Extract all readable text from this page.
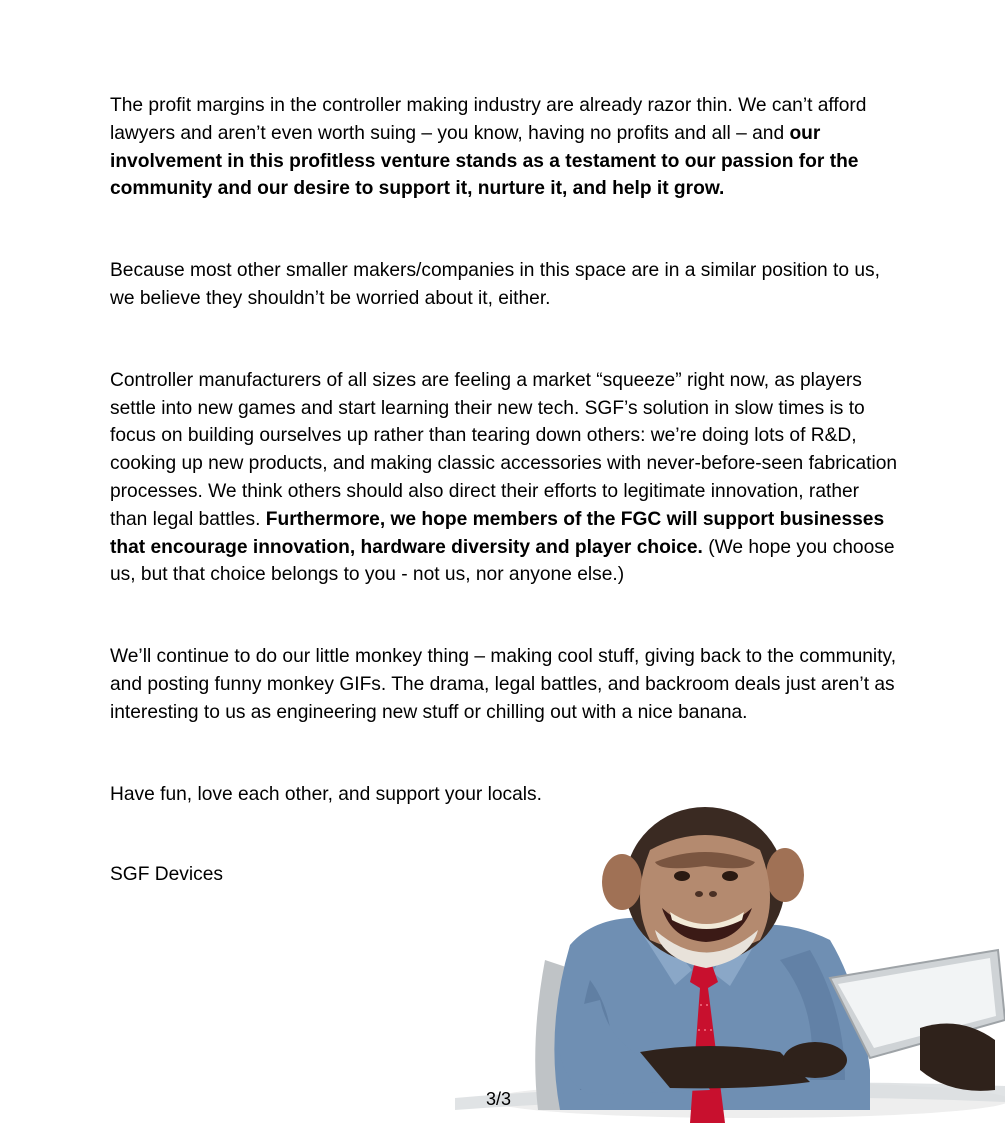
The profit margins in the controller making industry are already razor thin. We can’t afford lawyers and aren’t even worth suing – you know, having no profits and all – and our involvement in this profitless venture stands as a testament to our passion for the community and our desire to support it, nurture it, and help it grow.

Because most other smaller makers/companies in this space are in a similar position to us, we believe they shouldn’t be worried about it, either.

Controller manufacturers of all sizes are feeling a market “squeeze” right now, as players settle into new games and start learning their new tech. SGF’s solution in slow times is to focus on building ourselves up rather than tearing down others: we’re doing lots of R&D, cooking up new products, and making classic accessories with never-before-seen fabrication processes. We think others should also direct their efforts to legitimate innovation, rather than legal battles. Furthermore, we hope members of the FGC will support businesses that encourage innovation, hardware diversity and player choice. (We hope you choose us, but that choice belongs to you - not us, nor anyone else.)

We’ll continue to do our little monkey thing – making cool stuff, giving back to the community, and posting funny monkey GIFs. The drama, legal battles, and backroom deals just aren’t as interesting to us as engineering new stuff or chilling out with a nice banana.

Have fun, love each other, and support your locals.

SGF Devices

3/3
